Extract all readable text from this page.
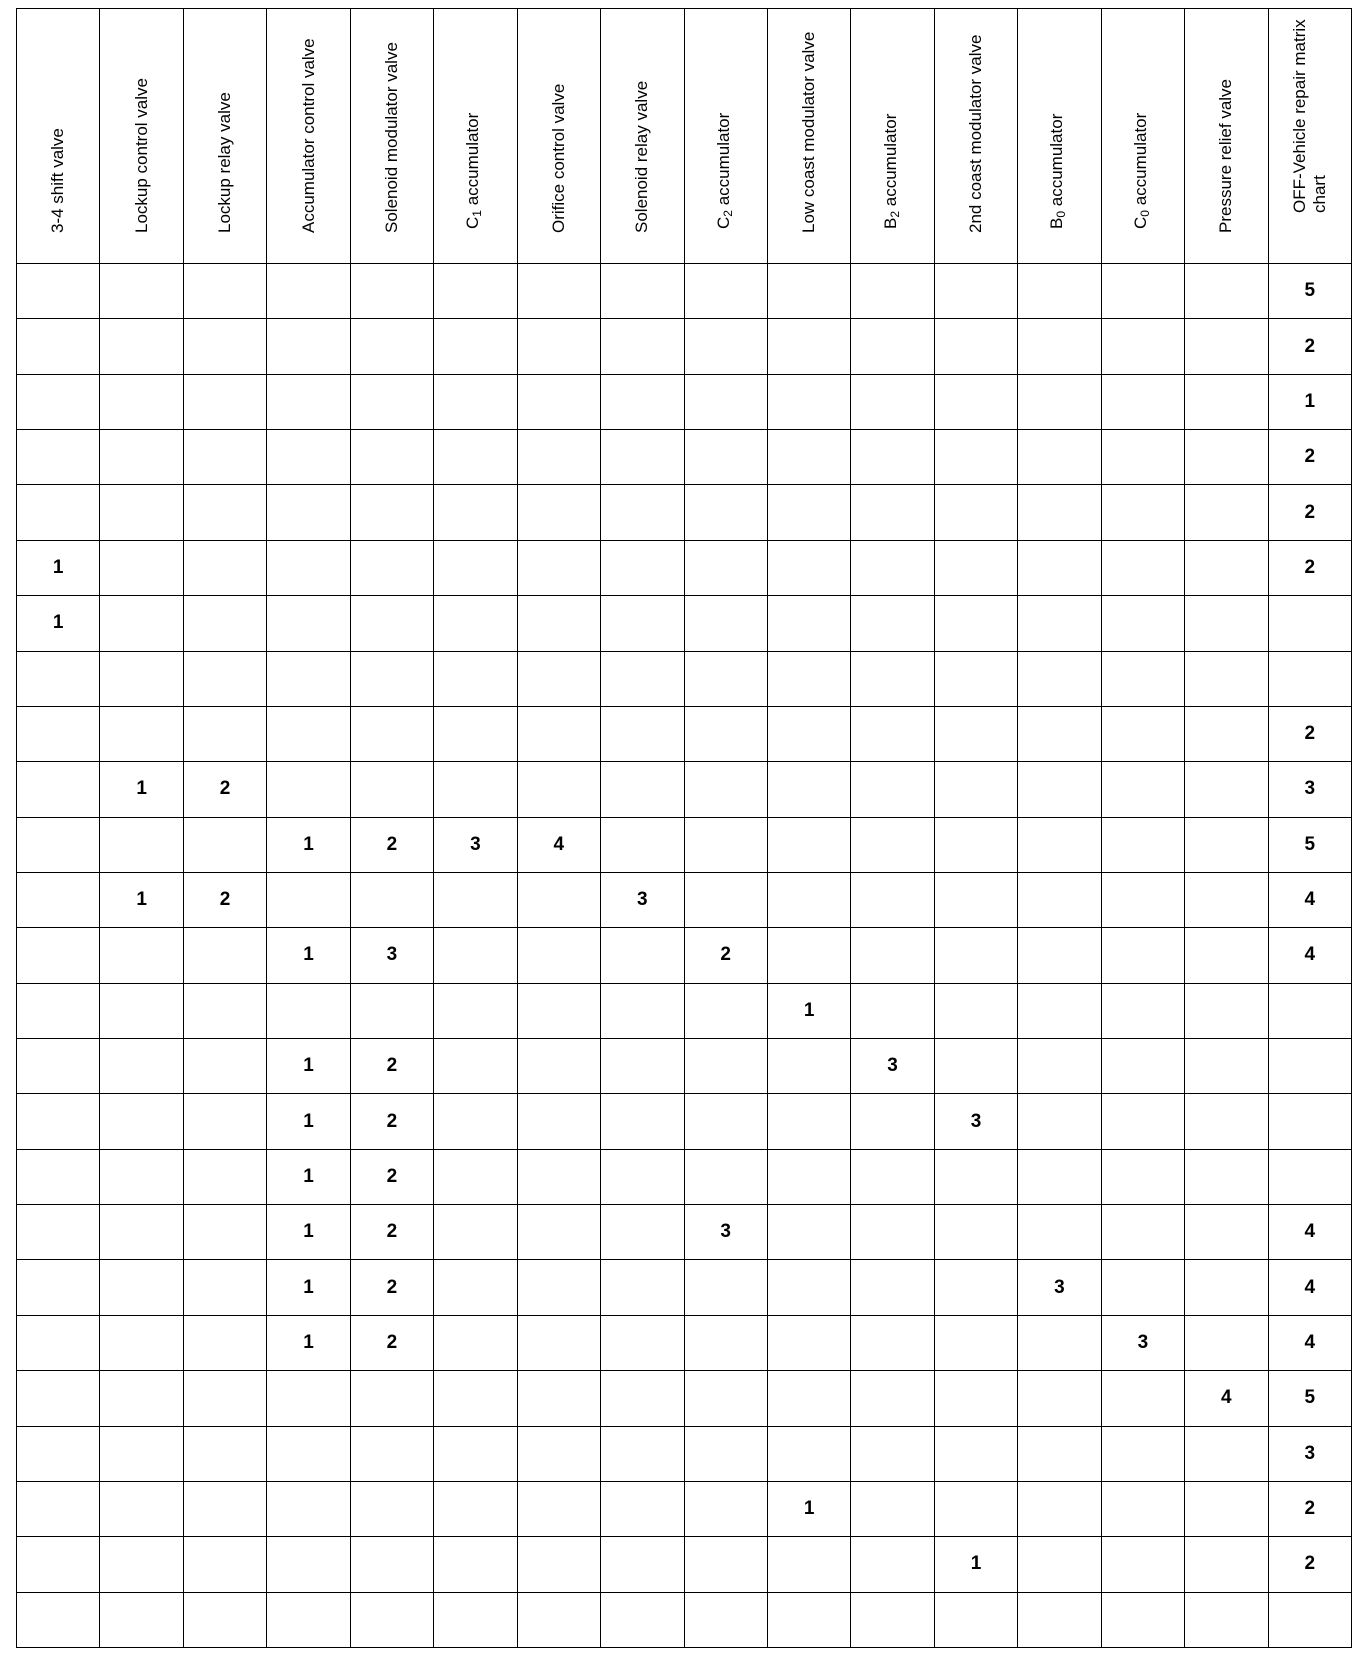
3-4 shift valve	Lockup control valve	Lockup relay valve	Accumulator control valve	Solenoid modulator valve	$C_1$ accumulator	Orifice control valve	Solenoid relay valve	$C_2$ accumulator	Low coast modulator valve	$B_2$ accumulator	2nd coast modulator valve	$B_0$ accumulator	$C_0$ accumulator	Pressure relief valve	OFF-Vehicle repair matrix chart

															5
															2
															1
															2
															2
1															2
1															

															2
	1	2													3
			1	2	3	4									5
	1	2					3								4
			1	3				2							4
									1						
			1	2						3					
			1	2							3				
			1	2											
			1	2				3							4
			1	2								3			4
			1	2									3		4
														4	5
															3
									1						2
											1				2
